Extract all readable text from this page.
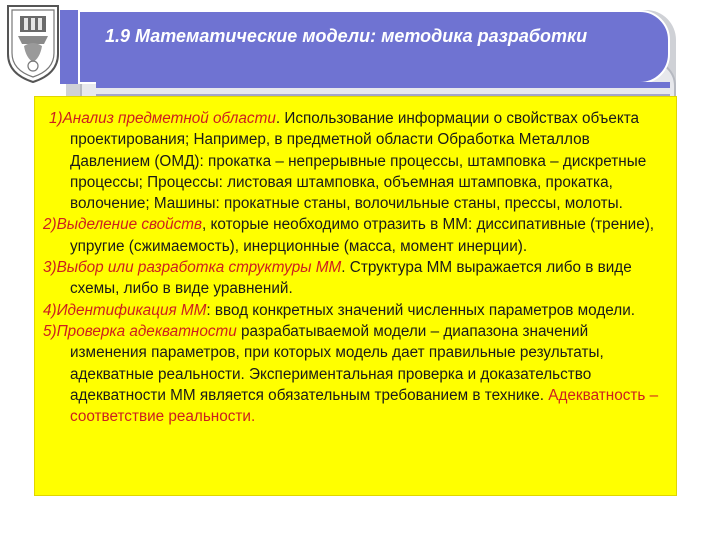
1.9 Математические модели: методика разработки

1)Анализ предметной области. Использование информации о свойствах объекта проектирования; Например, в предметной области Обработка Металлов Давлением (ОМД): прокатка – непрерывные процессы, штамповка – дискретные процессы; Процессы: листовая штамповка, объемная штамповка, прокатка, волочение; Машины: прокатные станы, волочильные станы, прессы, молоты.

2)Выделение свойств, которые необходимо отразить в ММ: диссипативные (трение), упругие (сжимаемость), инерционные (масса, момент инерции).

3)Выбор или разработка структуры ММ. Структура ММ выражается либо в виде схемы, либо в виде уравнений.

4)Идентификация ММ: ввод конкретных значений численных параметров модели.

5)Проверка адекватности разрабатываемой модели – диапазона значений изменения параметров, при которых модель дает правильные результаты, адекватные реальности. Экспериментальная проверка и доказательство адекватности ММ является обязательным требованием в технике. Адекватность – соответствие реальности.
